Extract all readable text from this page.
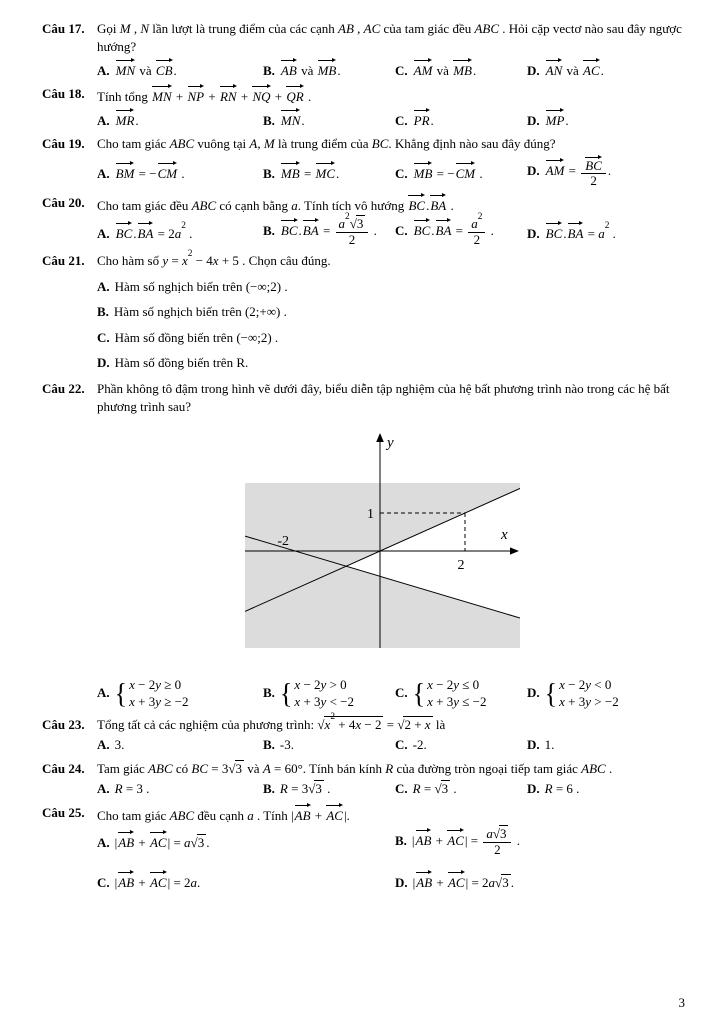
Câu 17. Gọi M , N lần lượt là trung điểm của các cạnh AB , AC của tam giác đều ABC . Hỏi cặp vectơ nào sau đây ngược hướng?
A. MN và CB.	B. AB và MB.	C. AM và MB.	D. AN và AC.
Câu 18. Tính tổng MN + NP + RN + NQ + QR .
A. MR.	B. MN.	C. PR.	D. MP.
Câu 19. Cho tam giác ABC vuông tại A, M là trung điểm của BC. Khẳng định nào sau đây đúng?
A. BM = −CM .	B. MB = MC.	C. MB = −CM .	D. AM = $\frac{BC}{2}$ .
Câu 20. Cho tam giác đều ABC có cạnh bằng a. Tính tích vô hướng BC.BA .
A. $BC.BA = 2a^2$ .	B. $BC.BA = \frac{a^2√3}{2}$ .	C. $BC.BA = \frac{a^2}{2}$ .	D. $BC.BA = a^2$ .
Câu 21. Cho hàm số $y = x^2 - 4x + 5$ . Chọn câu đúng.
A. Hàm số nghịch biến trên (−∞;2) .
B. Hàm số nghịch biến trên (2;+∞) .
C. Hàm số đồng biến trên (−∞;2) .
D. Hàm số đồng biến trên R.
Câu 22. Phần không tô đậm trong hình vẽ dưới đây, biểu diễn tập nghiệm của hệ bất phương trình nào trong các hệ bất phương trình sau?
y
x
1
-2
2
A. { x − 2y ≥ 0
x + 3y ≥ −2
B. { x − 2y > 0
x + 3y < −2
C. { x − 2y ≤ 0
x + 3y ≤ −2
D. { x − 2y < 0
x + 3y > −2
Câu 23. Tổng tất cả các nghiệm của phương trình: $√x^2 + 4x - 2 = √2 + x$ là
A. 3.	B. -3.	C. -2.	D. 1.
Câu 24. Tam giác ABC có BC = 3√3 và A = 60°. Tính bán kính R của đường tròn ngoại tiếp tam giác ABC .
A. R = 3 .	B. R = 3√3 .	C. R = √3 .	D. R = 6 .
Câu 25. Cho tam giác ABC đều cạnh a . Tính |AB + AC|.
A. |AB + AC| = a√3 .	B. $|AB + AC| = \frac{a√3}{2}$ .
C. |AB + AC| = 2a.	D. |AB + AC| = 2a√3 .
3
